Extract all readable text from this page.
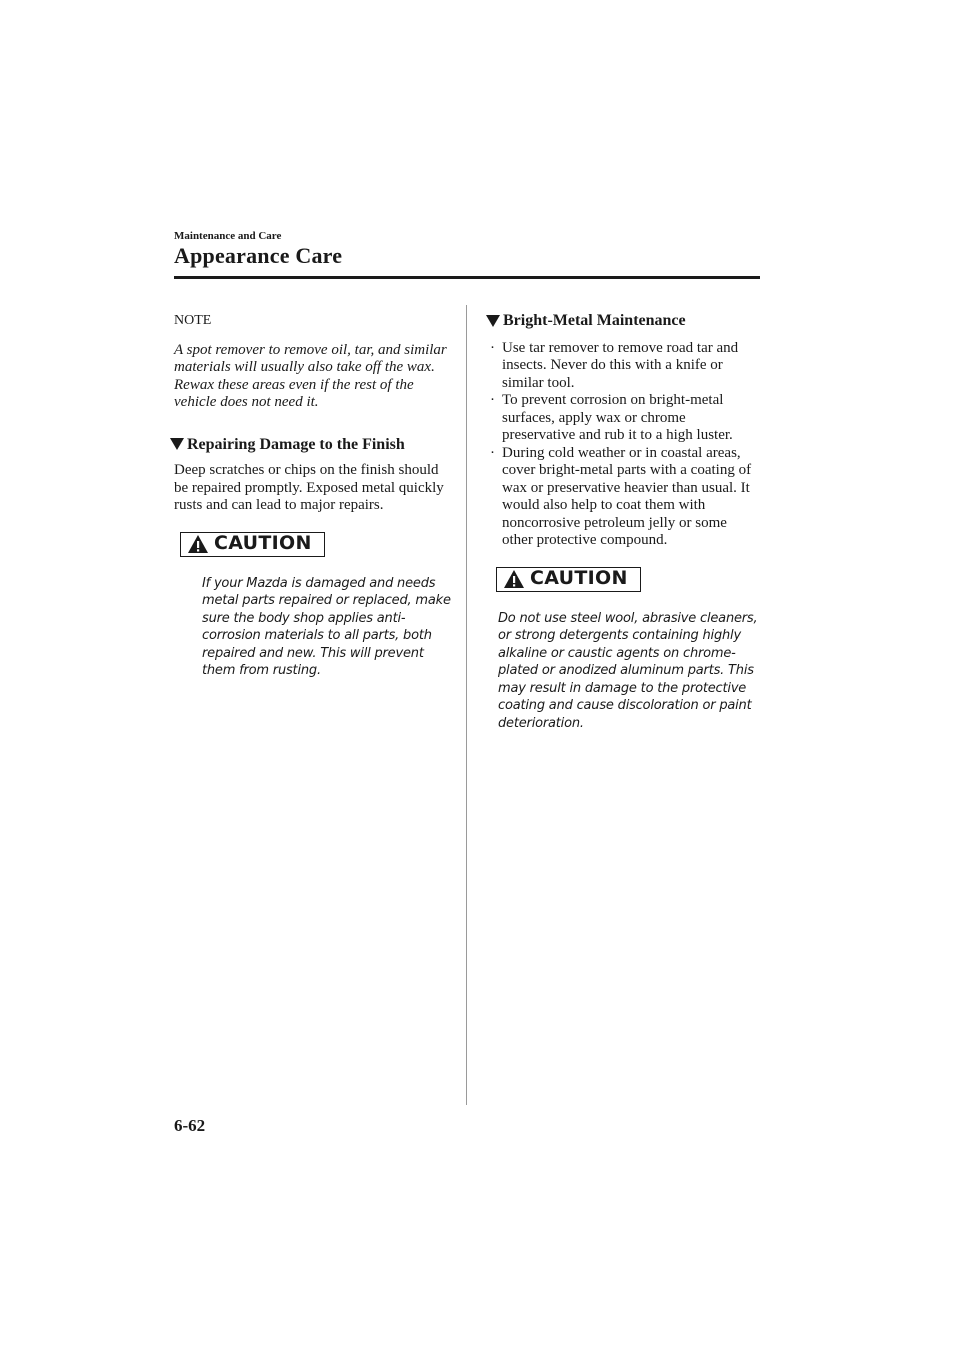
Maintenance and Care
Appearance Care

NOTE

A spot remover to remove oil, tar, and similar materials will usually also take off the wax. Rewax these areas even if the rest of the vehicle does not need it.

Repairing Damage to the Finish

Deep scratches or chips on the finish should be repaired promptly. Exposed metal quickly rusts and can lead to major repairs.

CAUTION

If your Mazda is damaged and needs metal parts repaired or replaced, make sure the body shop applies anti-corrosion materials to all parts, both repaired and new. This will prevent them from rusting.

Bright-Metal Maintenance
· Use tar remover to remove road tar and insects. Never do this with a knife or similar tool.
· To prevent corrosion on bright-metal surfaces, apply wax or chrome preservative and rub it to a high luster.
· During cold weather or in coastal areas, cover bright-metal parts with a coating of wax or preservative heavier than usual. It would also help to coat them with noncorrosive petroleum jelly or some other protective compound.
CAUTION

Do not use steel wool, abrasive cleaners, or strong detergents containing highly alkaline or caustic agents on chrome-plated or anodized aluminum parts. This may result in damage to the protective coating and cause discoloration or paint deterioration.

6-62
